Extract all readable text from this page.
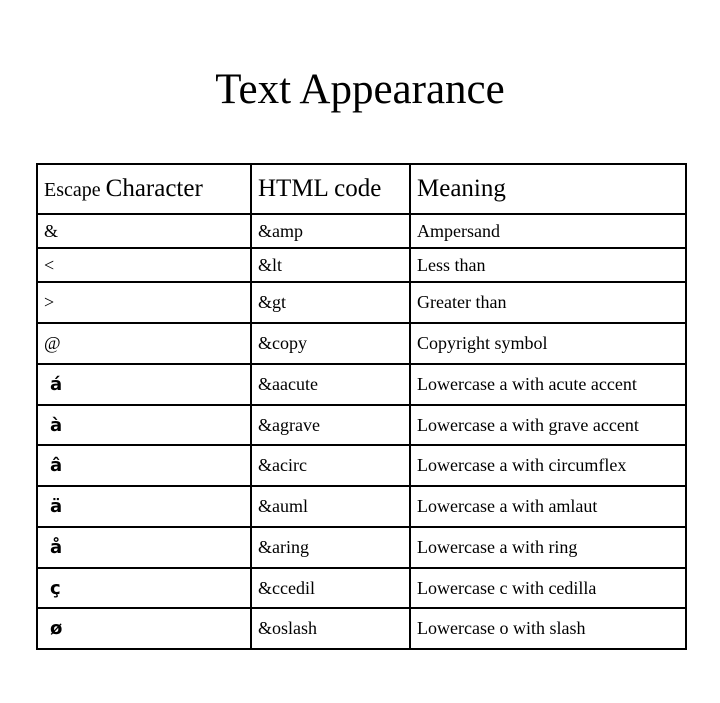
Text Appearance
Escape Character	HTML code	Meaning
&	&amp	Ampersand
<	&lt	Less than
>	&gt	Greater than
@	&copy	Copyright symbol
á	&aacute	Lowercase a with acute accent
à	&agrave	Lowercase a with grave accent
â	&acirc	Lowercase a with circumflex
ä	&auml	Lowercase a with amlaut
å	&aring	Lowercase a with ring
ç	&ccedil	Lowercase c with cedilla
ø	&oslash	Lowercase o with slash
